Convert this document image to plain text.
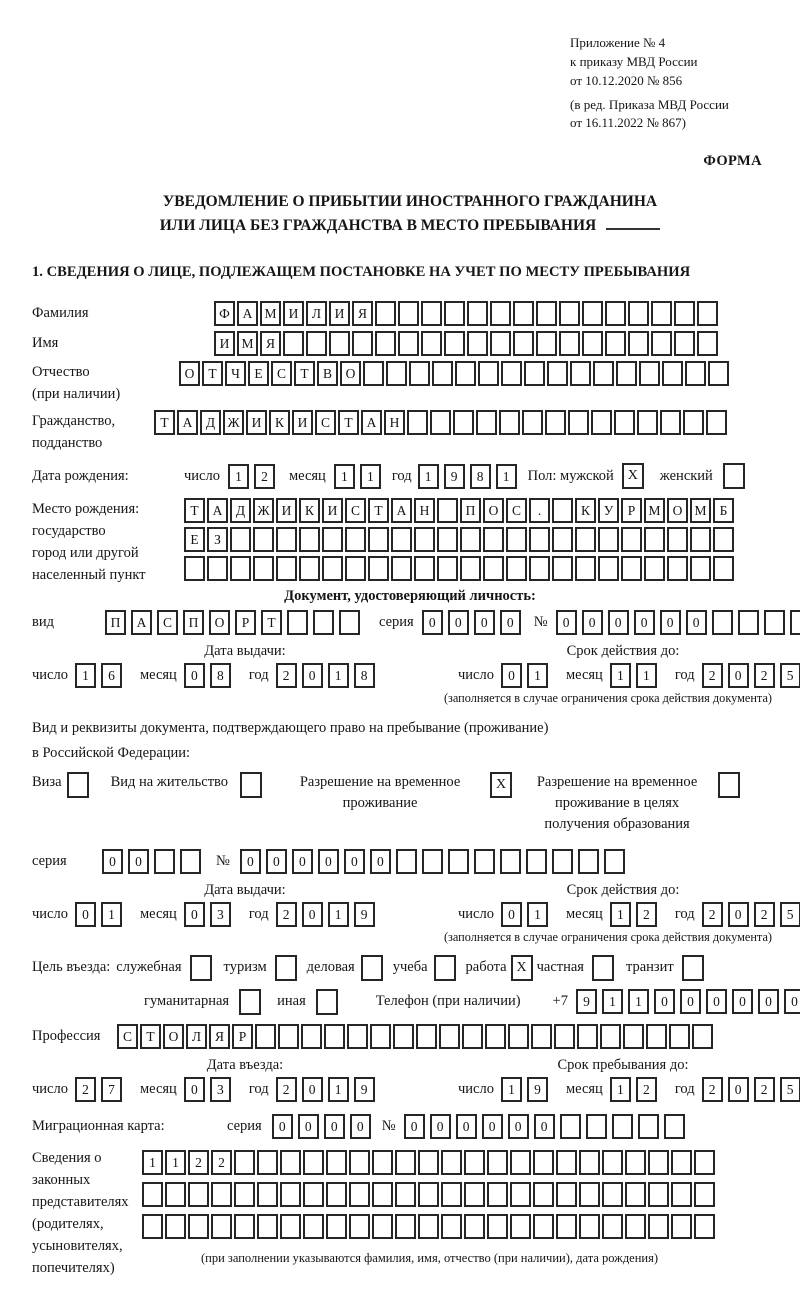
Приложение № 4
к приказу МВД России
от 10.12.2020 № 856
(в ред. Приказа МВД России
от 16.11.2022 № 867)
ФОРМА
УВЕДОМЛЕНИЕ О ПРИБЫТИИ ИНОСТРАННОГО ГРАЖДАНИНА
ИЛИ ЛИЦА БЕЗ ГРАЖДАНСТВА В МЕСТО ПРЕБЫВАНИЯ
1. СВЕДЕНИЯ О ЛИЦЕ, ПОДЛЕЖАЩЕМ ПОСТАНОВКЕ НА УЧЕТ ПО МЕСТУ ПРЕБЫВАНИЯ
Фамилия	Ф А М И	Л	И	Я
Имя	И М Я
Отчество
(при наличии)
О	Т	Ч	Е	С	Т	В	О
Гражданство,
подданство
Т	А	Д Ж И	К	И	С	Т	А Н
Дата рождения:	число	1	2	месяц	1	1	год 1	9	8	1	Пол: мужской X	женский
Место рождения:
государство
город или другой
населенный пункт
Т	А	Д Ж И	К	И	С	Т	А Н	П О	С	.	К	У	Р М О М Б
Е	З
Документ, удостоверяющий личность:
вид	П	А	С	П	О	Р	Т	серия	0	0	0	0	№	0	0	0	0	0	0
Дата выдачи:
число	1	6	месяц	0	8	год	2	0	1	8
Срок действия до:
число	0	1	месяц	1	1	год	2	0	2	5
(заполняется в случае ограничения срока действия документа)
Вид и реквизиты документа, подтверждающего право на пребывание (проживание)
в Российской Федерации:
Виза	Вид на жительство	Разрешение на временное проживание
X	Разрешение на временное проживание в целях получения образования
серия	0	0	№	0	0	0	0	0	0
Дата выдачи:
число	0	1	месяц	0	3	год	2	0	1	9
Срок действия до:
число	0	1	месяц	1	2	год	2	0	2	5
(заполняется в случае ограничения срока действия документа)
Цель въезда: служебная	туризм	деловая	учеба	работа X частная	транзит
гуманитарная	иная	Телефон (при наличии) +7	9	1	1	0	0	0	0	0	0
Профессия	С	Т	О	Л	Я	Р
Дата въезда:
число	2	7	месяц	0	3	год	2	0	1	9
Срок пребывания до:
число	1	9	месяц	1	2	год	2	0	2	5
Миграционная карта:	серия	0	0	0	0	№	0	0	0	0	0	0
Сведения о
законных
представителях
(родителях,
усыновителях,
попечителях)
1	1	2	2
(при заполнении указываются фамилия, имя, отчество (при наличии), дата рождения)
